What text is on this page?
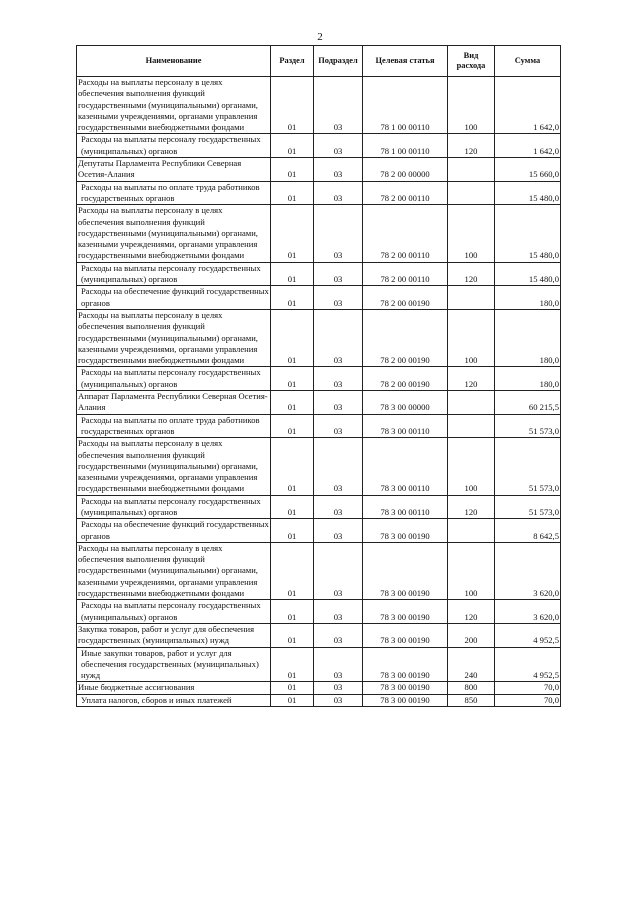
2
Наименование	Раздел	Подраздел	Целевая статья	Вид расхода	Сумма
Расходы на выплаты персоналу в целях обеспечения выполнения функций государственными (муниципальными) органами, казенными учреждениями, органами управления государственными внебюджетными фондами	01	03	78 1 00 00110	100	1 642,0
Расходы на выплаты персоналу государственных (муниципальных) органов	01	03	78 1 00 00110	120	1 642,0
Депутаты Парламента Республики Северная Осетия-Алания	01	03	78 2 00 00000		15 660,0
Расходы на выплаты по оплате труда работников государственных органов	01	03	78 2 00 00110		15 480,0
Расходы на выплаты персоналу в целях обеспечения выполнения функций государственными (муниципальными) органами, казенными учреждениями, органами управления государственными внебюджетными фондами	01	03	78 2 00 00110	100	15 480,0
Расходы на выплаты персоналу государственных (муниципальных) органов	01	03	78 2 00 00110	120	15 480,0
Расходы на обеспечение функций государственных органов	01	03	78 2 00 00190		180,0
Расходы на выплаты персоналу в целях обеспечения выполнения функций государственными (муниципальными) органами, казенными учреждениями, органами управления государственными внебюджетными фондами	01	03	78 2 00 00190	100	180,0
Расходы на выплаты персоналу государственных (муниципальных) органов	01	03	78 2 00 00190	120	180,0
Аппарат Парламента Республики Северная Осетия-Алания	01	03	78 3 00 00000		60 215,5
Расходы на выплаты по оплате труда работников государственных органов	01	03	78 3 00 00110		51 573,0
Расходы на выплаты персоналу в целях обеспечения выполнения функций государственными (муниципальными) органами, казенными учреждениями, органами управления государственными внебюджетными фондами	01	03	78 3 00 00110	100	51 573,0
Расходы на выплаты персоналу государственных (муниципальных) органов	01	03	78 3 00 00110	120	51 573,0
Расходы на обеспечение функций государственных органов	01	03	78 3 00 00190		8 642,5
Расходы на выплаты персоналу в целях обеспечения выполнения функций государственными (муниципальными) органами, казенными учреждениями, органами управления государственными внебюджетными фондами	01	03	78 3 00 00190	100	3 620,0
Расходы на выплаты персоналу государственных (муниципальных) органов	01	03	78 3 00 00190	120	3 620,0
Закупка товаров, работ и услуг для обеспечения государственных (муниципальных) нужд	01	03	78 3 00 00190	200	4 952,5
Иные закупки товаров, работ и услуг для обеспечения государственных (муниципальных) нужд	01	03	78 3 00 00190	240	4 952,5
Иные бюджетные ассигнования	01	03	78 3 00 00190	800	70,0
Уплата налогов, сборов и иных платежей	01	03	78 3 00 00190	850	70,0
